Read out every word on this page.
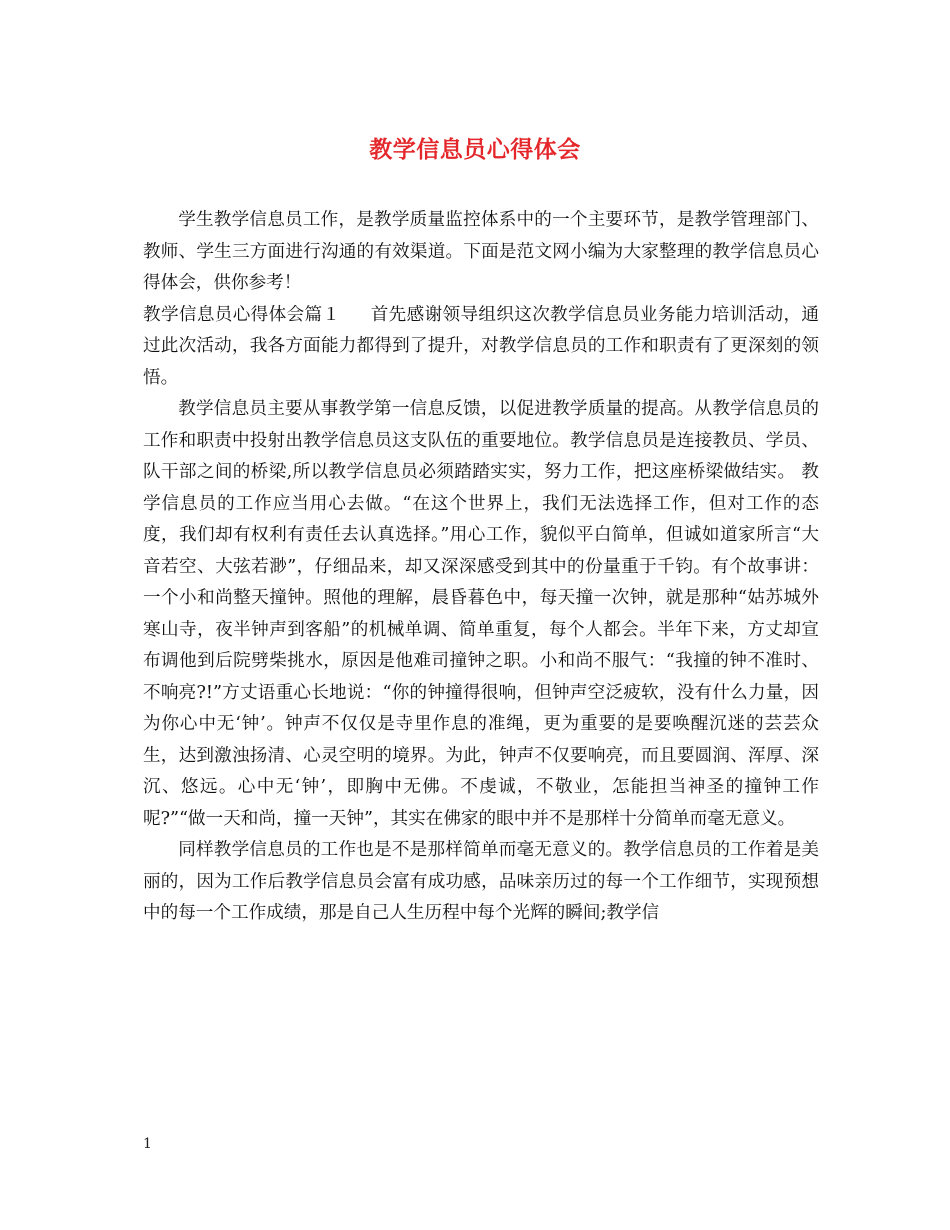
教学信息员心得体会

学生教学信息员工作，是教学质量监控体系中的一个主要环节，是教学管理部门、教师、学生三方面进行沟通的有效渠道。下面是范文网小编为大家整理的教学信息员心得体会，供你参考！

教学信息员心得体会篇１ 首先感谢领导组织这次教学信息员业务能力培训活动，通过此次活动，我各方面能力都得到了提升，对教学信息员的工作和职责有了更深刻的领悟。

教学信息员主要从事教学第一信息反馈，以促进教学质量的提高。从教学信息员的工作和职责中投射出教学信息员这支队伍的重要地位。教学信息员是连接教员、学员、队干部之间的桥梁,所以教学信息员必须踏踏实实，努力工作，把这座桥梁做结实。 教学信息员的工作应当用心去做。“在这个世界上，我们无法选择工作，但对工作的态度，我们却有权利有责任去认真选择。”用心工作，貌似平白简单，但诚如道家所言“大音若空、大弦若渺”，仔细品来，却又深深感受到其中的份量重于千钧。有个故事讲：一个小和尚整天撞钟。照他的理解，晨昏暮色中，每天撞一次钟，就是那种“姑苏城外寒山寺，夜半钟声到客船”的机械单调、简单重复，每个人都会。半年下来，方丈却宣布调他到后院劈柴挑水，原因是他难司撞钟之职。小和尚不服气：“我撞的钟不准时、不响亮?!”方丈语重心长地说：“你的钟撞得很响，但钟声空泛疲软，没有什么力量，因为你心中无‘钟’。钟声不仅仅是寺里作息的准绳，更为重要的是要唤醒沉迷的芸芸众生，达到激浊扬清、心灵空明的境界。为此，钟声不仅要响亮，而且要圆润、浑厚、深沉、悠远。心中无‘钟’，即胸中无佛。不虔诚，不敬业，怎能担当神圣的撞钟工作呢?”“做一天和尚，撞一天钟”，其实在佛家的眼中并不是那样十分简单而毫无意义。

同样教学信息员的工作也是不是那样简单而毫无意义的。教学信息员的工作着是美丽的，因为工作后教学信息员会富有成功感，品味亲历过的每一个工作细节，实现预想中的每一个工作成绩，那是自己人生历程中每个光辉的瞬间;教学信

1
